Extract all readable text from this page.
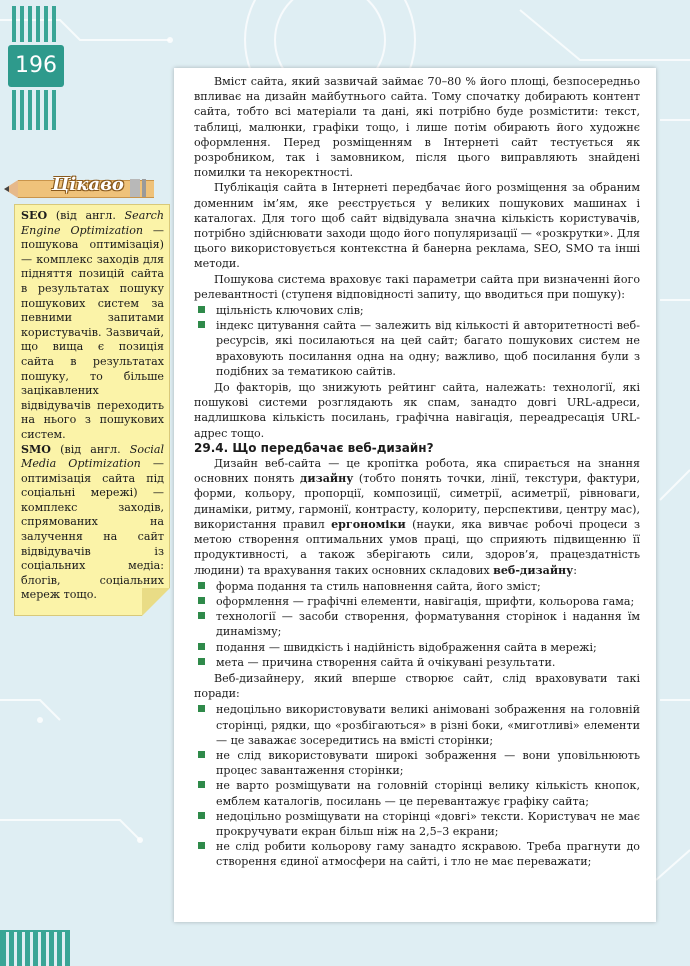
196
Цікаво

SEO (від англ. Search Engine Optimization — пошукова оптимізація) — комплекс заходів для підняття позицій сайта в результатах пошуку пошукових систем за певними запитами користувачів. Зазвичай, що вища є позиція сайта в результатах пошуку, то більше зацікавлених відвідувачів переходить на нього з пошукових систем.

SMO (від англ. Social Media Optimization — оптимізація сайта під соціальні мережі) — комплекс заходів, спрямованих на залучення на сайт відвідувачів із соціальних медіа: блогів, соціальних мереж тощо.

Вміст сайта, який зазвичай займає 70–80 % його площі, безпосередньо впливає на дизайн майбутнього сайта. Тому спочатку добирають контент сайта, тобто всі матеріали та дані, які потрібно буде розмістити: текст, таблиці, малюнки, графіки тощо, і лише потім обирають його художнє оформлення. Перед розміщенням в Інтернеті сайт тестується як розробником, так і замовником, після цього виправляють знайдені помилки та некоректності.

Публікація сайта в Інтернеті передбачає його розміщення за обраним доменним ім’ям, яке реєструється у великих пошукових машинах і каталогах. Для того щоб сайт відвідувала значна кількість користувачів, потрібно здійснювати заходи щодо його популяризації — «розкрутки». Для цього використовується контекстна й банерна реклама, SEO, SMO та інші методи.

Пошукова система враховує такі параметри сайта при визначенні його релевантності (ступеня відповідності запиту, що вводиться при пошуку):

щільність ключових слів;
індекс цитування сайта — залежить від кількості й авторитетності веб-ресурсів, які посилаються на цей сайт; багато пошукових систем не враховують посилання одна на одну; важливо, щоб посилання були з подібних за тематикою сайтів.

До факторів, що знижують рейтинг сайта, належать: технології, які пошукові системи розглядають як спам, занадто довгі URL-адреси, надлишкова кількість посилань, графічна навігація, переадресація URL-адрес тощо.

29.4. Що передбачає веб-дизайн?

Дизайн веб-сайта — це кропітка робота, яка спирається на знання основних понять дизайну (тобто понять точки, лінії, текстури, фактури, форми, кольору, пропорції, композиції, симетрії, асиметрії, рівноваги, динаміки, ритму, гармонії, контрасту, колориту, перспективи, центру мас), використання правил ергономіки (науки, яка вивчає робочі процеси з метою створення оптимальних умов праці, що сприяють підвищенню її продуктивності, а також зберігають сили, здоров’я, працездатність людини) та врахування таких основних складових веб-дизайну:

форма подання та стиль наповнення сайта, його зміст;
оформлення — графічні елементи, навігація, шрифти, кольорова гама;
технології — засоби створення, форматування сторінок і надання їм динамізму;
подання — швидкість і надійність відображення сайта в мережі;
мета — причина створення сайта й очікувані результати.

Веб-дизайнеру, який вперше створює сайт, слід враховувати такі поради:

недоцільно використовувати великі анімовані зображення на головній сторінці, рядки, що «розбігаються» в різні боки, «миготливі» елементи — це заважає зосередитись на вмісті сторінки;
не слід використовувати широкі зображення — вони уповільнюють процес завантаження сторінки;
не варто розміщувати на головній сторінці велику кількість кнопок, емблем каталогів, посилань — це перевантажує графіку сайта;
недоцільно розміщувати на сторінці «довгі» тексти. Користувач не має прокручувати екран більш ніж на 2,5–3 екрани;
не слід робити кольорову гаму занадто яскравою. Треба прагнути до створення єдиної атмосфери на сайті, і тло не має переважати;
